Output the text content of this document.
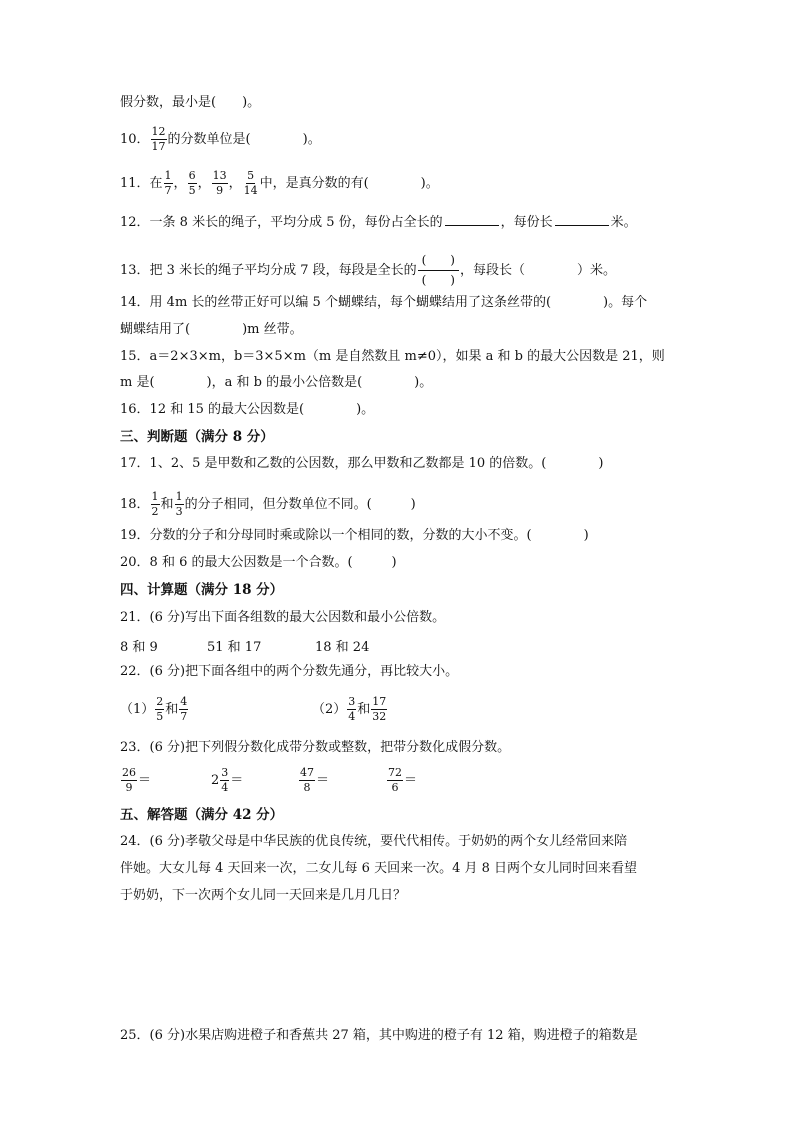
假分数，最小是(　　)。
10． $\frac{12}{17}$ 的分数单位是(　　　　)。
11．在 $\frac{1}{7}$ ， $\frac{6}{5}$ ， $\frac{13}{9}$ ， $\frac{5}{14}$ 中，是真分数的有(　　　　)。
12．一条 8 米长的绳子，平均分成 5 份，每份占全长的	，每份长	米。
13．把 3 米长的绳子平均分成 7 段，每段是全长的
(　　)
(　　)
，每段长（　　　　）米。
14．用 4m 长的丝带正好可以编 5 个蝴蝶结，每个蝴蝶结用了这条丝带的(　　　　)。每个
蝴蝶结用了(　　　　)m 丝带。
15．a＝2×3×m，b＝3×5×m（m 是自然数且 m≠0），如果 a 和 b 的最大公因数是 21，则
m 是(　　　　)，a 和 b 的最小公倍数是(　　　　)。
16．12 和 15 的最大公因数是(　　　　)。
三、判断题（满分 8 分）
17．1、2、5 是甲数和乙数的公因数，那么甲数和乙数都是 10 的倍数。(　　　　)
18． $\frac{1}{2}$ 和 $\frac{1}{3}$ 的分子相同，但分数单位不同。(　　　)
19．分数的分子和分母同时乘或除以一个相同的数，分数的大小不变。(　　　　)
20．8 和 6 的最大公因数是一个合数。(　　　)
四、计算题（满分 18 分）
21．(6 分)写出下面各组数的最大公因数和最小公倍数。
8 和 9	51 和 17	18 和 24
22．(6 分)把下面各组中的两个分数先通分，再比较大小。
$(1) \frac{2}{5}$ 和 $\frac{4}{7}$	$(2) \frac{3}{4}$ 和 $\frac{17}{32}$
23．(6 分)把下列假分数化成带分数或整数，把带分数化成假分数。
$\frac{26}{9}$ ＝	$2 \frac{3}{4}$ ＝	$\frac{47}{8}$ ＝	$\frac{72}{6}$ ＝
五、解答题（满分 42 分）
24．(6 分)孝敬父母是中华民族的优良传统，要代代相传。于奶奶的两个女儿经常回来陪
伴她。大女儿每 4 天回来一次，二女儿每 6 天回来一次。4 月 8 日两个女儿同时回来看望
于奶奶，下一次两个女儿同一天回来是几月几日？
25．(6 分)水果店购进橙子和香蕉共 27 箱，其中购进的橙子有 12 箱，购进橙子的箱数是
